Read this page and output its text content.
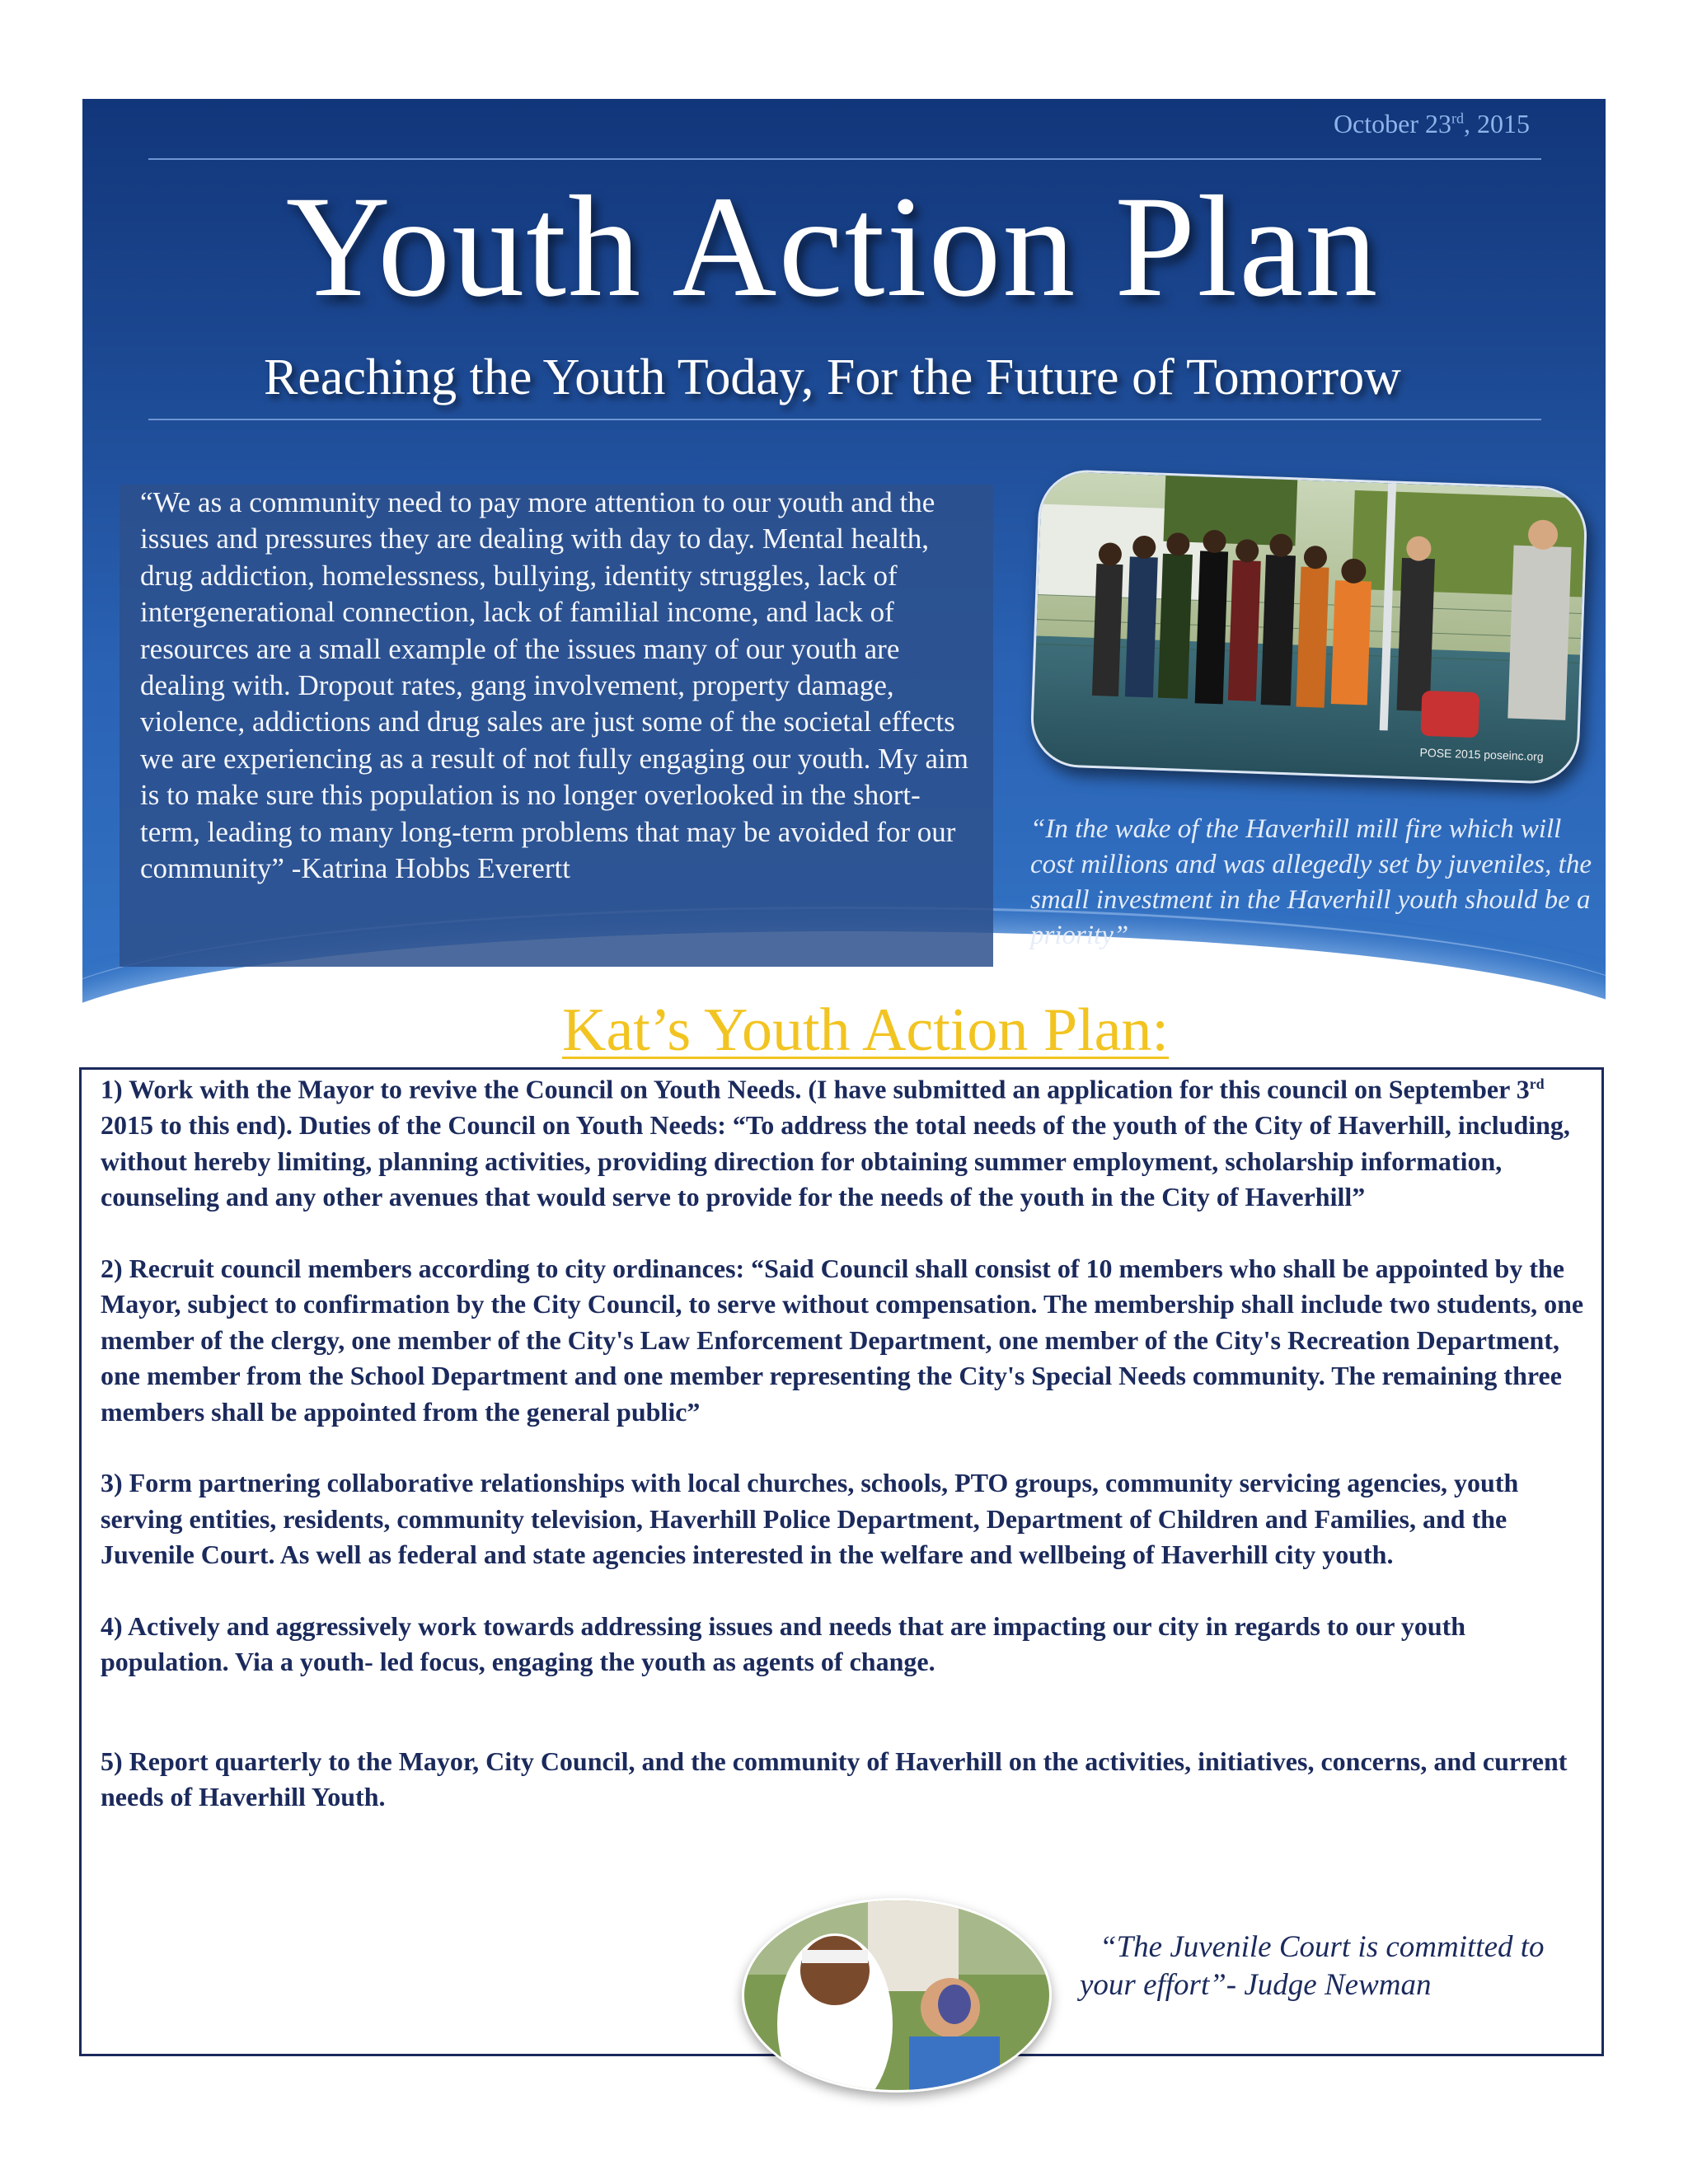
October 23rd, 2015
Youth Action Plan
Reaching the Youth Today, For the Future of Tomorrow

“We as a community need to pay more attention to our youth and the issues and pressures they are dealing with day to day. Mental health, drug addiction, homelessness, bullying, identity struggles, lack of intergenerational connection, lack of familial income, and lack of resources are a small example of the issues many of our youth are dealing with. Dropout rates, gang involvement, property damage, violence, addictions and drug sales are just some of the societal effects we are experiencing as a result of not fully engaging our youth. My aim is to make sure this population is no longer overlooked in the short-term, leading to many long-term problems that may be avoided for our community” -Katrina Hobbs Everertt

POSE 2015 poseinc.org
“In the wake of the Haverhill mill fire which will cost millions and was allegedly set by juveniles, the small investment in the Haverhill youth should be a priority”
Kat’s Youth Action Plan:

1) Work with the Mayor to revive the Council on Youth Needs. (I have submitted an application for this council on September 3rd 2015 to this end). Duties of the Council on Youth Needs: “To address the total needs of the youth of the City of Haverhill, including, without hereby limiting, planning activities, providing direction for obtaining summer employment, scholarship information, counseling and any other avenues that would serve to provide for the needs of the youth in the City of Haverhill”

2) Recruit council members according to city ordinances: “Said Council shall consist of 10 members who shall be appointed by the Mayor, subject to confirmation by the City Council, to serve without compensation. The membership shall include two students, one member of the clergy, one member of the City's Law Enforcement Department, one member of the City's Recreation Department, one member from the School Department and one member representing the City's Special Needs community. The remaining three members shall be appointed from the general public”

3) Form partnering collaborative relationships with local churches, schools, PTO groups, community servicing agencies, youth serving entities, residents, community television, Haverhill Police Department, Department of Children and Families, and the Juvenile Court. As well as federal and state agencies interested in the welfare and wellbeing of Haverhill city youth.

4) Actively and aggressively work towards addressing issues and needs that are impacting our city in regards to our youth population. Via a youth- led focus, engaging the youth as agents of change.

5) Report quarterly to the Mayor, City Council, and the community of Haverhill on the activities, initiatives, concerns, and current needs of Haverhill Youth.

“The Juvenile Court is committed to your effort”- Judge Newman
